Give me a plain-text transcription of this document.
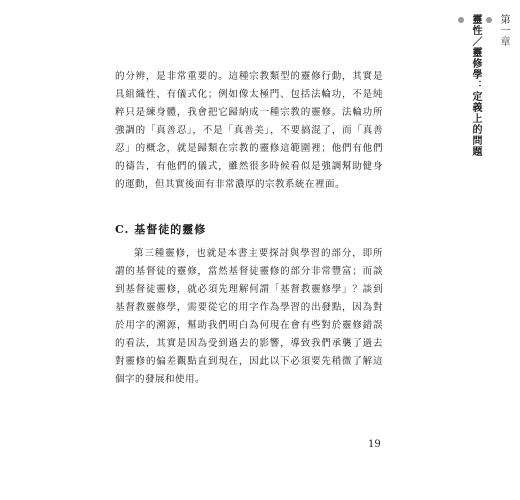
第一章

靈性／靈修學：定義上的問題

的分辨，是非常重要的。這種宗教類型的靈修行動，其實是具組織性、有儀式化；例如像太極門、包括法輪功，不是純粹只是練身體，我會把它歸納成一種宗教的靈修。法輪功所強調的「真善忍」，不是「真善美」，不要搞混了，而「真善忍」的概念，就是歸類在宗教的靈修這範圍裡；他們有他們的禱告，有他們的儀式，雖然很多時候看似是強調幫助健身的運動，但其實後面有非常濃厚的宗教系統在裡面。
C. 基督徒的靈修
第三種靈修，也就是本書主要探討與學習的部分，即所謂的基督徒的靈修，當然基督徒靈修的部分非常豐富；而談到基督徒靈修，就必須先理解何謂「基督教靈修學」？談到基督教靈修學，需要從它的用字作為學習的出發點，因為對於用字的溯源，幫助我們明白為何現在會有些對於靈修錯誤的看法，其實是因為受到過去的影響，導致我們承襲了過去對靈修的偏差觀點直到現在，因此以下必須要先稍微了解這個字的發展和使用。
19
